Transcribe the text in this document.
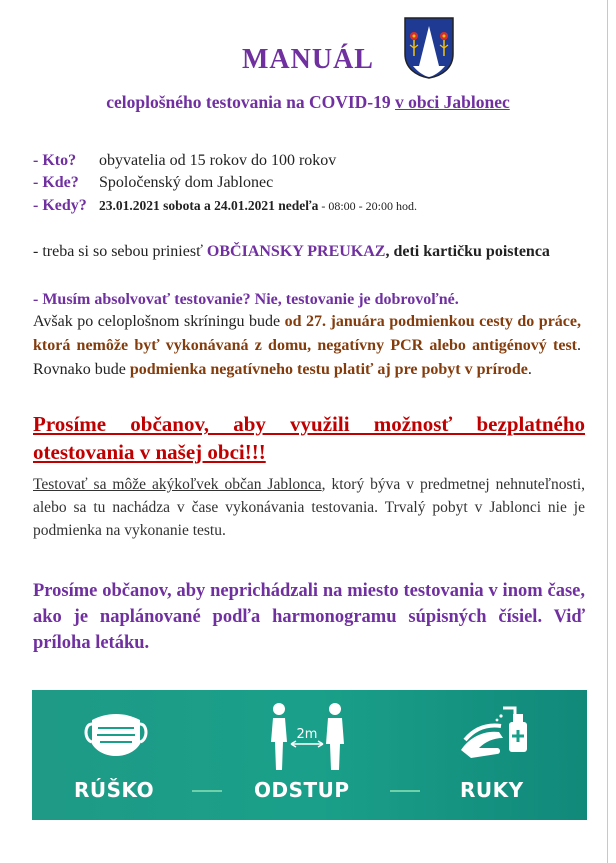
MANUÁL
celoplošného testovania na COVID-19 v obci Jablonec
- Kto? obyvatelia od 15 rokov do 100 rokov
- Kde? Spoločenský dom Jablonec
- Kedy? 23.01.2021 sobota a 24.01.2021 nedeľa - 08:00 - 20:00 hod.
- treba si so sebou priniesť OBČIANSKY PREUKAZ, deti kartičku poistenca
- Musím absolvovať testovanie? Nie, testovanie je dobrovoľné.
Avšak po celoplošnom skríningu bude od 27. januára podmienkou cesty do práce, ktorá nemôže byť vykonávaná z domu, negatívny PCR alebo antigénový test. Rovnako bude podmienka negatívneho testu platiť aj pre pobyt v prírode.
Prosíme občanov, aby využili možnosť bezplatného otestovania v našej obci!!!
Testovať sa môže akýkoľvek občan Jablonca, ktorý býva v predmetnej nehnuteľnosti, alebo sa tu nachádza v čase vykonávania testovania. Trvalý pobyt v Jablonci nie je podmienka na vykonanie testu.
Prosíme občanov, aby neprichádzali na miesto testovania v inom čase, ako je naplánované podľa harmonogramu súpisných čísiel. Viď príloha letáku.
RÚŠKO
2m
ODSTUP	RUKY
